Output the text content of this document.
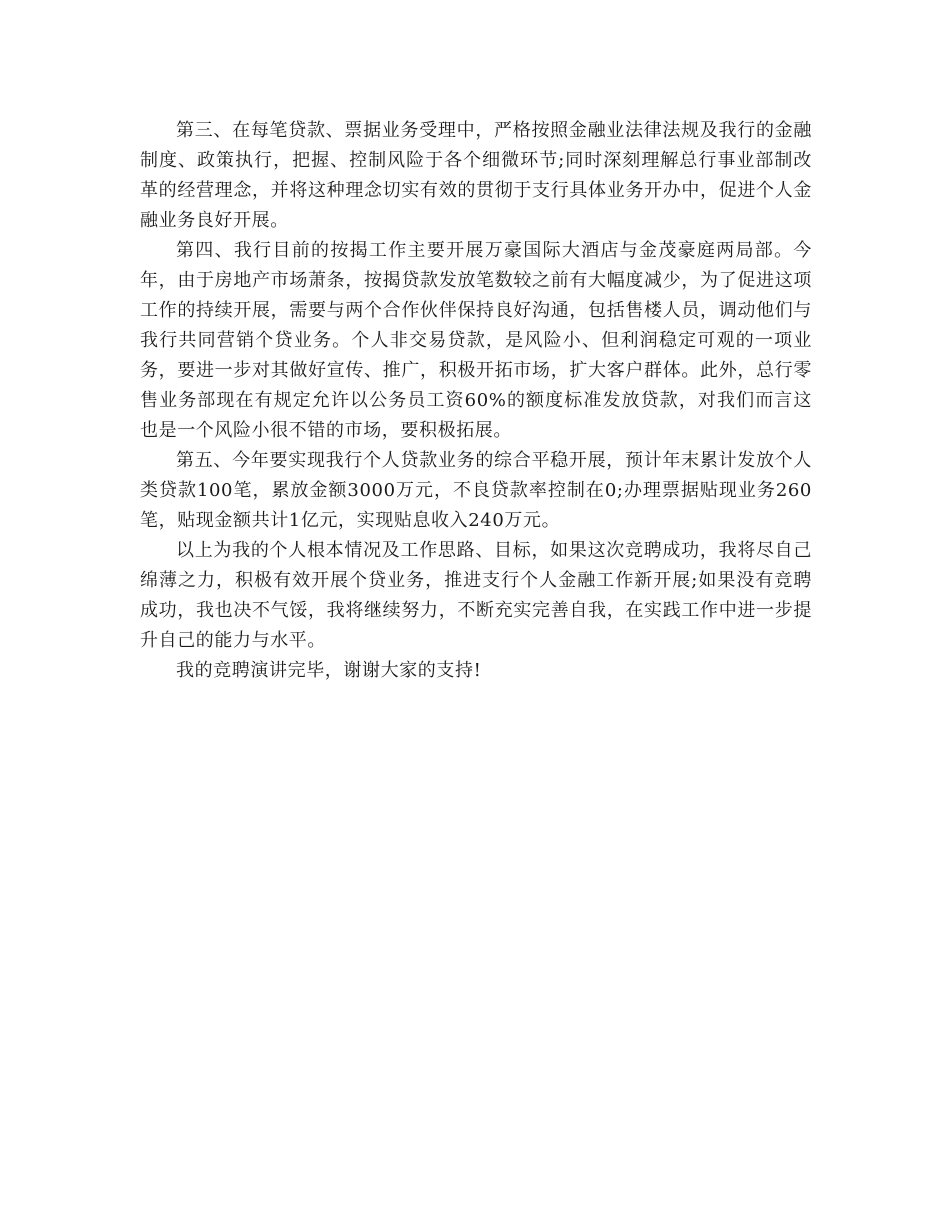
第三、在每笔贷款、票据业务受理中，严格按照金融业法律法规及我行的金融制度、政策执行，把握、控制风险于各个细微环节;同时深刻理解总行事业部制改革的经营理念，并将这种理念切实有效的贯彻于支行具体业务开办中，促进个人金融业务良好开展。

第四、我行目前的按揭工作主要开展万豪国际大酒店与金茂豪庭两局部。今年，由于房地产市场萧条，按揭贷款发放笔数较之前有大幅度减少，为了促进这项工作的持续开展，需要与两个合作伙伴保持良好沟通，包括售楼人员，调动他们与我行共同营销个贷业务。个人非交易贷款，是风险小、但利润稳定可观的一项业务，要进一步对其做好宣传、推广，积极开拓市场，扩大客户群体。此外，总行零售业务部现在有规定允许以公务员工资60%的额度标准发放贷款，对我们而言这也是一个风险小很不错的市场，要积极拓展。

第五、今年要实现我行个人贷款业务的综合平稳开展，预计年末累计发放个人类贷款100笔，累放金额3000万元，不良贷款率控制在0;办理票据贴现业务260笔，贴现金额共计1亿元，实现贴息收入240万元。

以上为我的个人根本情况及工作思路、目标，如果这次竞聘成功，我将尽自己绵薄之力，积极有效开展个贷业务，推进支行个人金融工作新开展;如果没有竞聘成功，我也决不气馁，我将继续努力，不断充实完善自我，在实践工作中进一步提升自己的能力与水平。

我的竞聘演讲完毕，谢谢大家的支持!
